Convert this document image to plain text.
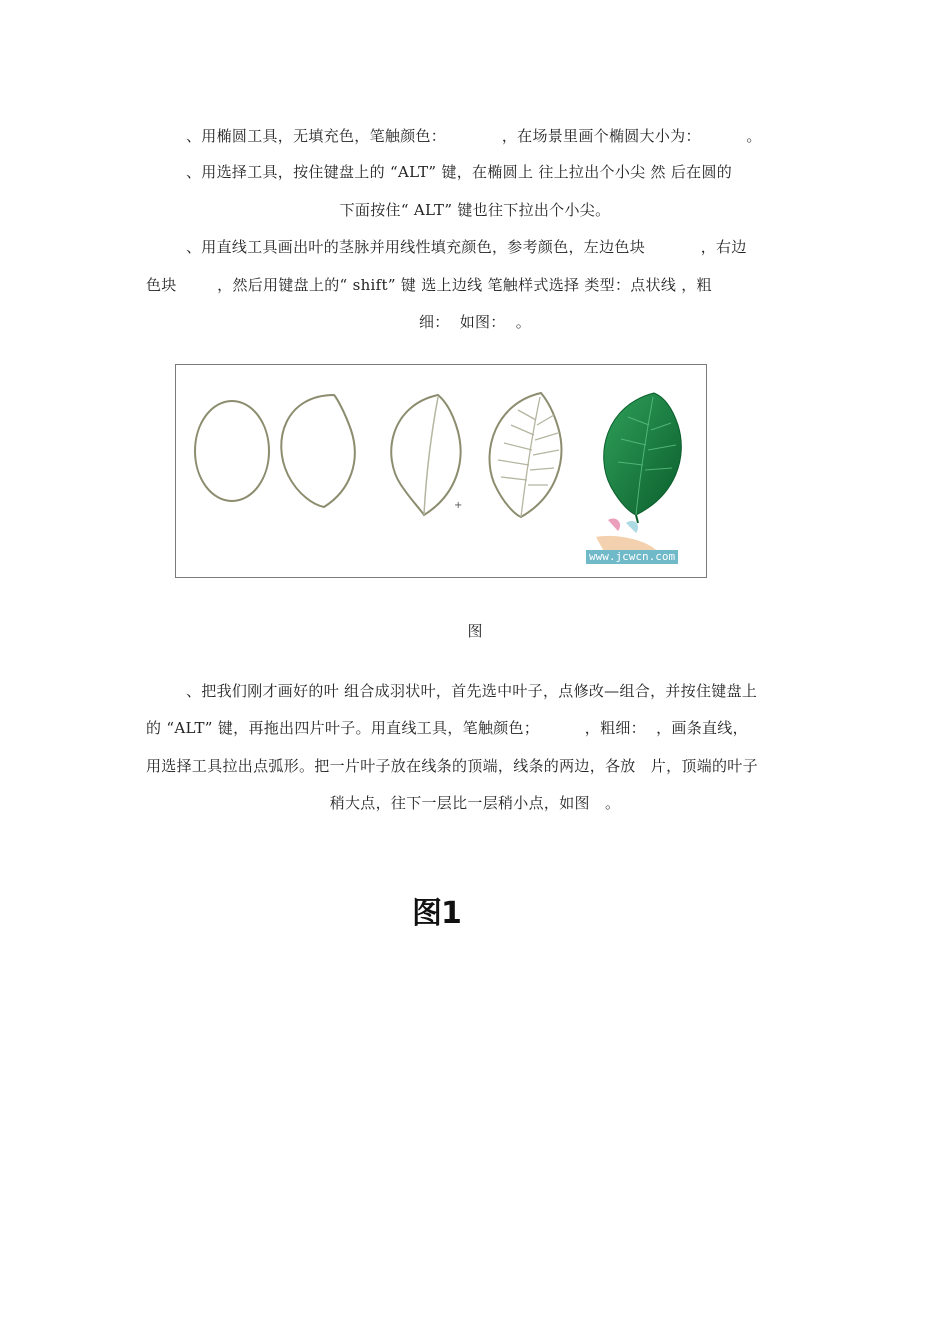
、用椭圆工具，无填充色，笔触颜色：           ，在场景里画个椭圆大小为：         。
、用选择工具，按住键盘上的 “ALT” 键，在椭圆上 往上拉出个小尖 然 后在圆的
下面按住“ ALT” 键也往下拉出个小尖。
、用直线工具画出叶的茎脉并用线性填充颜色，参考颜色，左边色块           ，右边
色块        ，然后用键盘上的“ shift” 键 选上边线 笔触样式选择 类型：点状线 ，粗
细：  如图：  。
+
图1
www.jcwcn.com
图
、把我们刚才画好的叶 组合成羽状叶，首先选中叶子，点修改—组合，并按住键盘上
的 “ALT” 键，再拖出四片叶子。用直线工具，笔触颜色；         ，粗细：  ，画条直线，
用选择工具拉出点弧形。把一片叶子放在线条的顶端，线条的两边，各放   片，顶端的叶子
稍大点，往下一层比一层稍小点，如图   。
